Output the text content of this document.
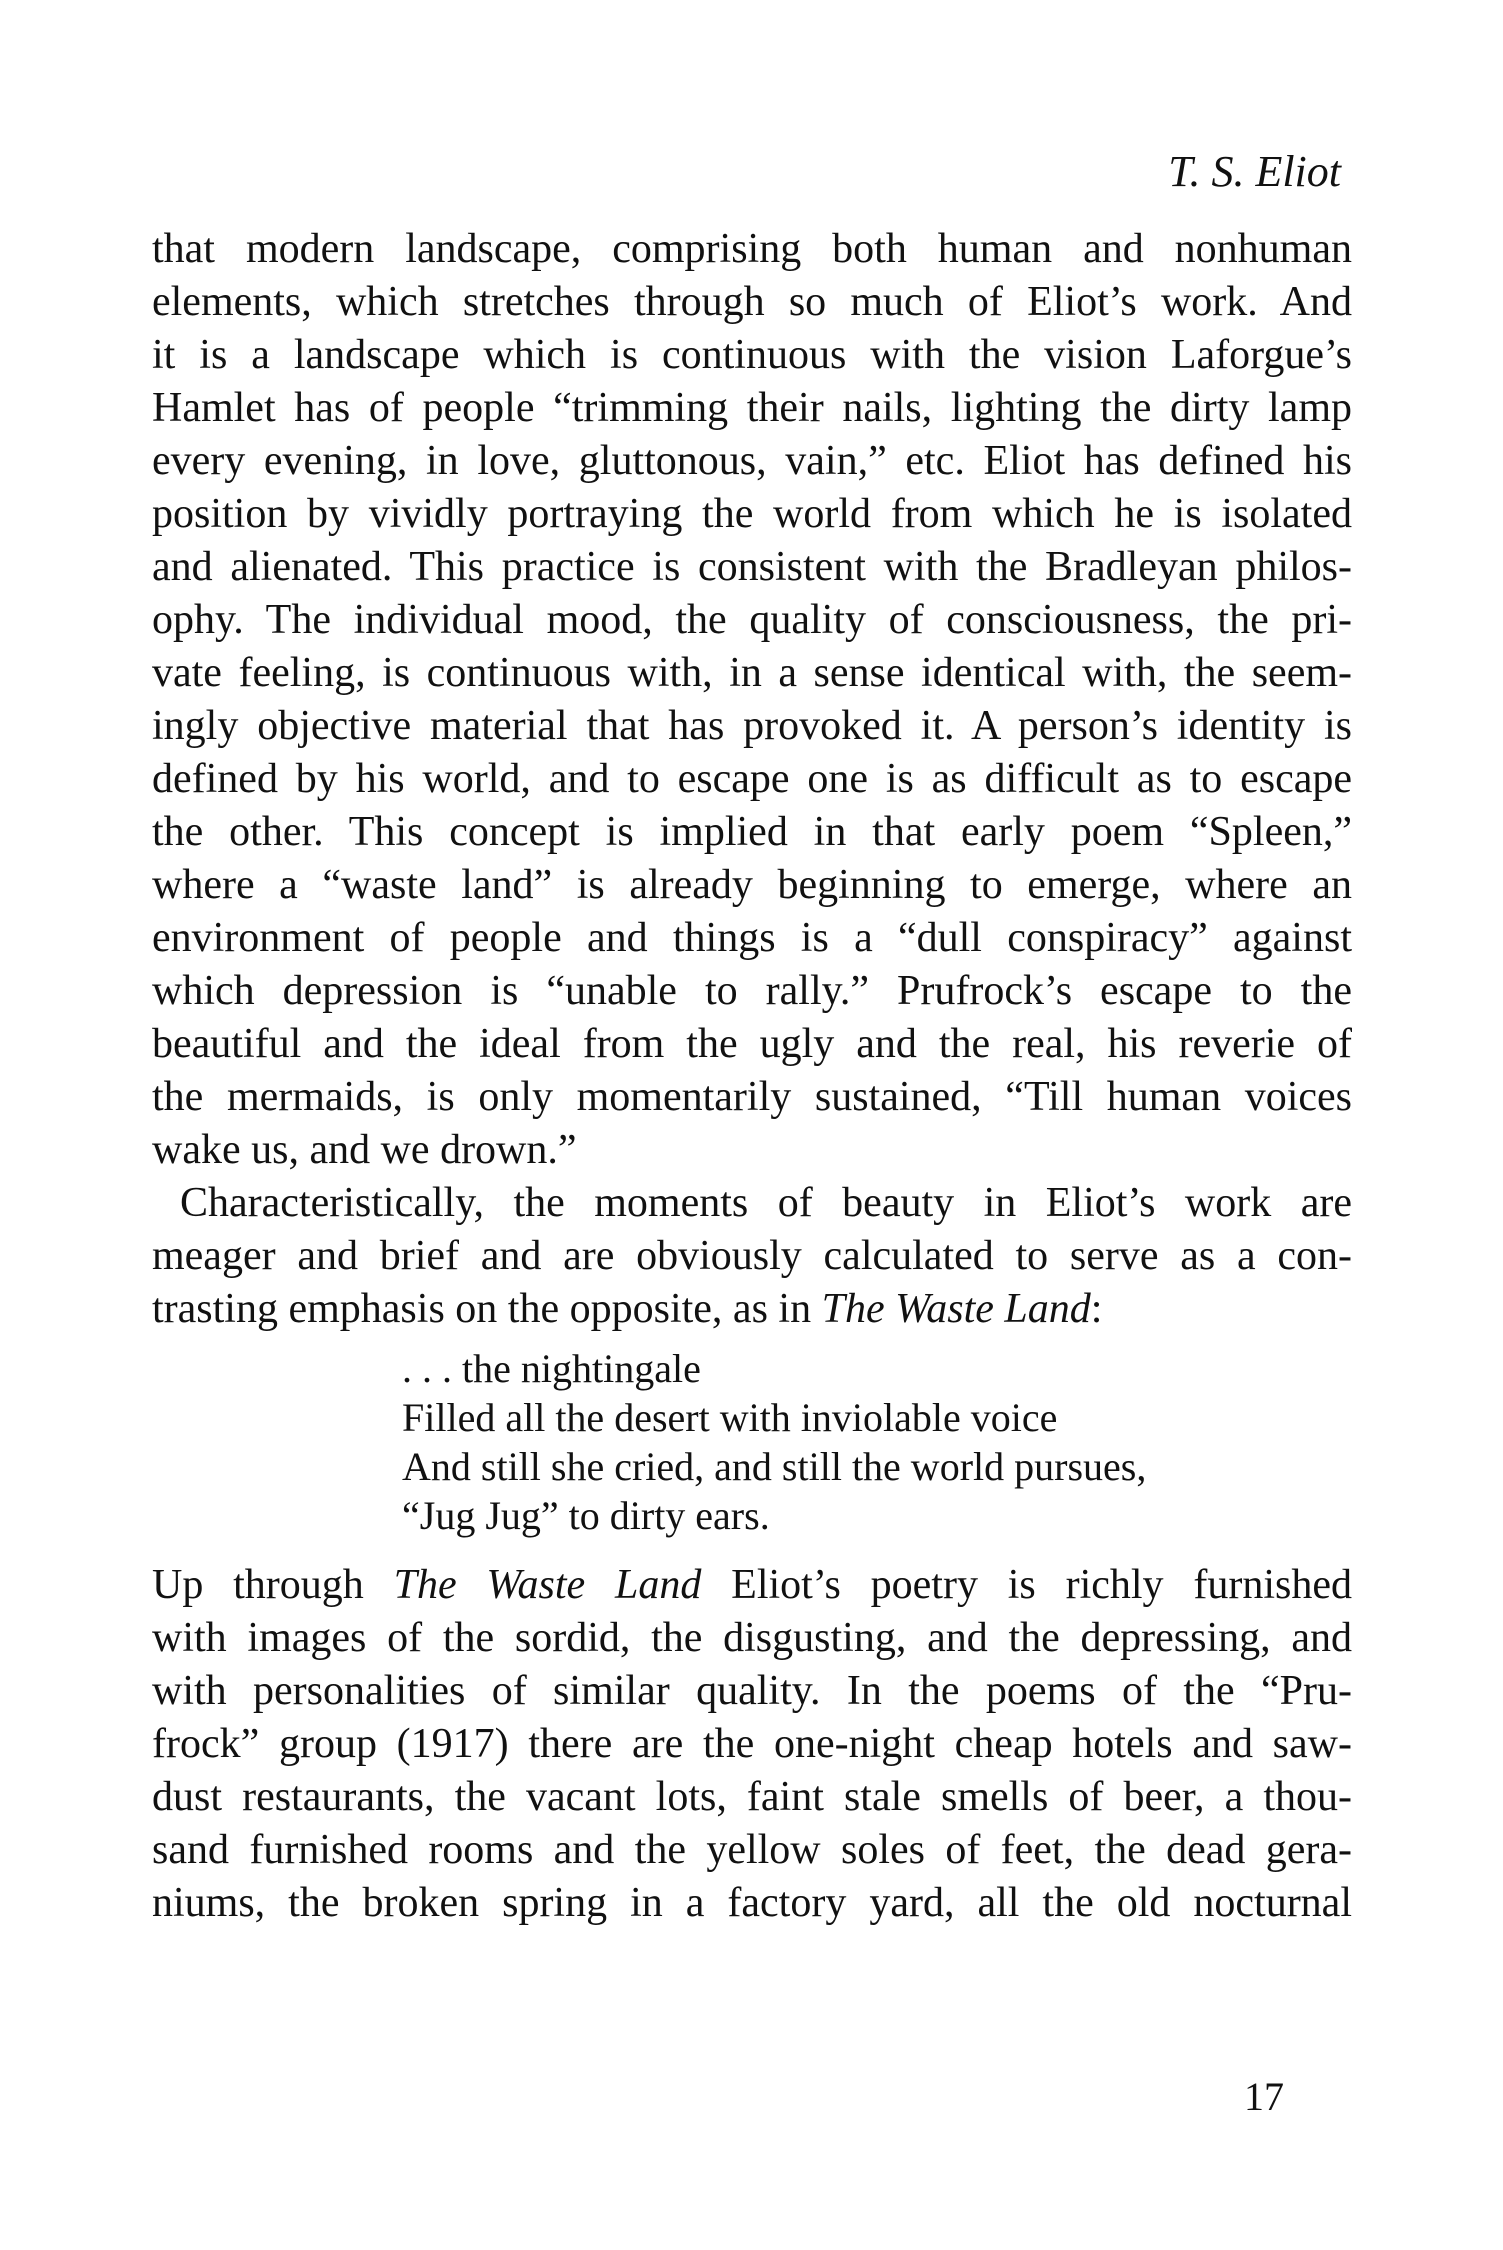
T. S. Eliot
that modern landscape, comprising both human and nonhuman
elements, which stretches through so much of Eliot’s work. And
it is a landscape which is continuous with the vision Laforgue’s
Hamlet has of people “trimming their nails, lighting the dirty lamp
every evening, in love, gluttonous, vain,” etc. Eliot has defined his
position by vividly portraying the world from which he is isolated
and alienated. This practice is consistent with the Bradleyan philos-
ophy. The individual mood, the quality of consciousness, the pri-
vate feeling, is continuous with, in a sense identical with, the seem-
ingly objective material that has provoked it. A person’s identity is
defined by his world, and to escape one is as difficult as to escape
the other. This concept is implied in that early poem “Spleen,”
where a “waste land” is already beginning to emerge, where an
environment of people and things is a “dull conspiracy” against
which depression is “unable to rally.” Prufrock’s escape to the
beautiful and the ideal from the ugly and the real, his reverie of
the mermaids, is only momentarily sustained, “Till human voices
wake us, and we drown.”
Characteristically, the moments of beauty in Eliot’s work are
meager and brief and are obviously calculated to serve as a con-
trasting emphasis on the opposite, as in The Waste Land:
. . . the nightingale
Filled all the desert with inviolable voice
And still she cried, and still the world pursues,
“Jug Jug” to dirty ears.
Up through The Waste Land Eliot’s poetry is richly furnished
with images of the sordid, the disgusting, and the depressing, and
with personalities of similar quality. In the poems of the “Pru-
frock” group (1917) there are the one-night cheap hotels and saw-
dust restaurants, the vacant lots, faint stale smells of beer, a thou-
sand furnished rooms and the yellow soles of feet, the dead gera-
niums, the broken spring in a factory yard, all the old nocturnal
17
